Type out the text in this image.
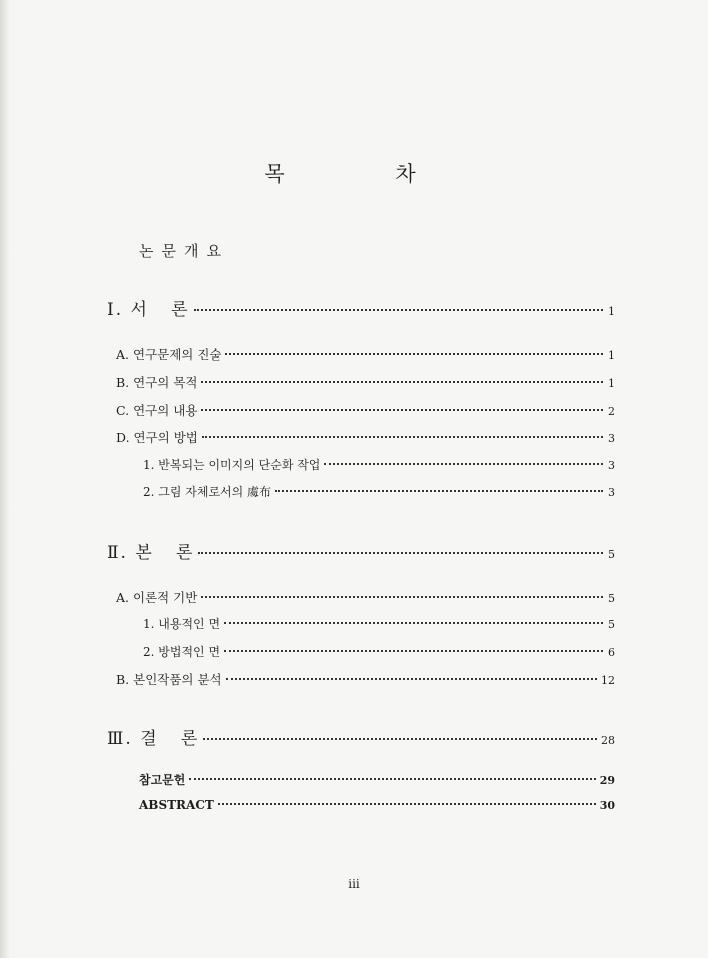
목 차
논문개요
Ⅰ. 서   론	1
A. 연구문제의 진술	1
B. 연구의 목적	1
C. 연구의 내용	2
D. 연구의 방법	3
1. 반복되는 이미지의 단순화 작업	3
2. 그림 자체로서의 䖏布	3
Ⅱ. 본   론	5
A. 이론적 기반	5
1. 내용적인 면	5
2. 방법적인 면	6
B. 본인작품의 분석	12
Ⅲ. 결   론	28
참고문헌	29
ABSTRACT	30
iii
